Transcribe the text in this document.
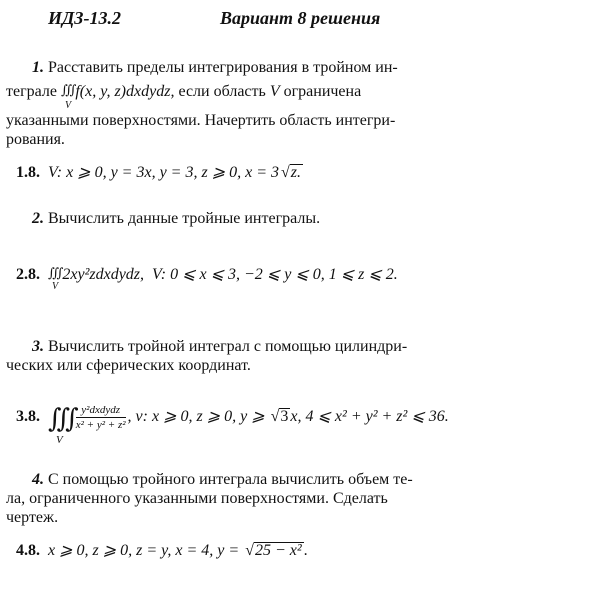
ИДЗ-13.2	Вариант 8 решения
1. Расставить пределы интегрирования в тройном ин-
теграле ∭
V
f(x, y, z)dxdydz, если область V ограничена
указанными поверхностями. Начертить область интегри-
рования.
1.8. V: x ⩾ 0, y = 3x, y = 3, z ⩾ 0, x = 3 √z.
2. Вычислить данные тройные интегралы.
2.8. ∭
V
2xy²zdxdydz, V: 0 ⩽ x ⩽ 3, −2 ⩽ y ⩽ 0, 1 ⩽ z ⩽ 2.
3. Вычислить тройной интеграл с помощью цилиндри-
ческих или сферических координат.
3.8. ∭
V
$\frac{\text{y²dxdydz}}{\text{x² + y² + z²}}$ , v: x ⩾ 0, z ⩾ 0, y ⩾ √3 x, 4 ⩽ x² + y² + z² ⩽ 36.
4. С помощью тройного интеграла вычислить объем те-
ла, ограниченного указанными поверхностями. Сделать
чертеж.
4.8. x ⩾ 0, z ⩾ 0, z = y, x = 4, y = √25 − x² .
